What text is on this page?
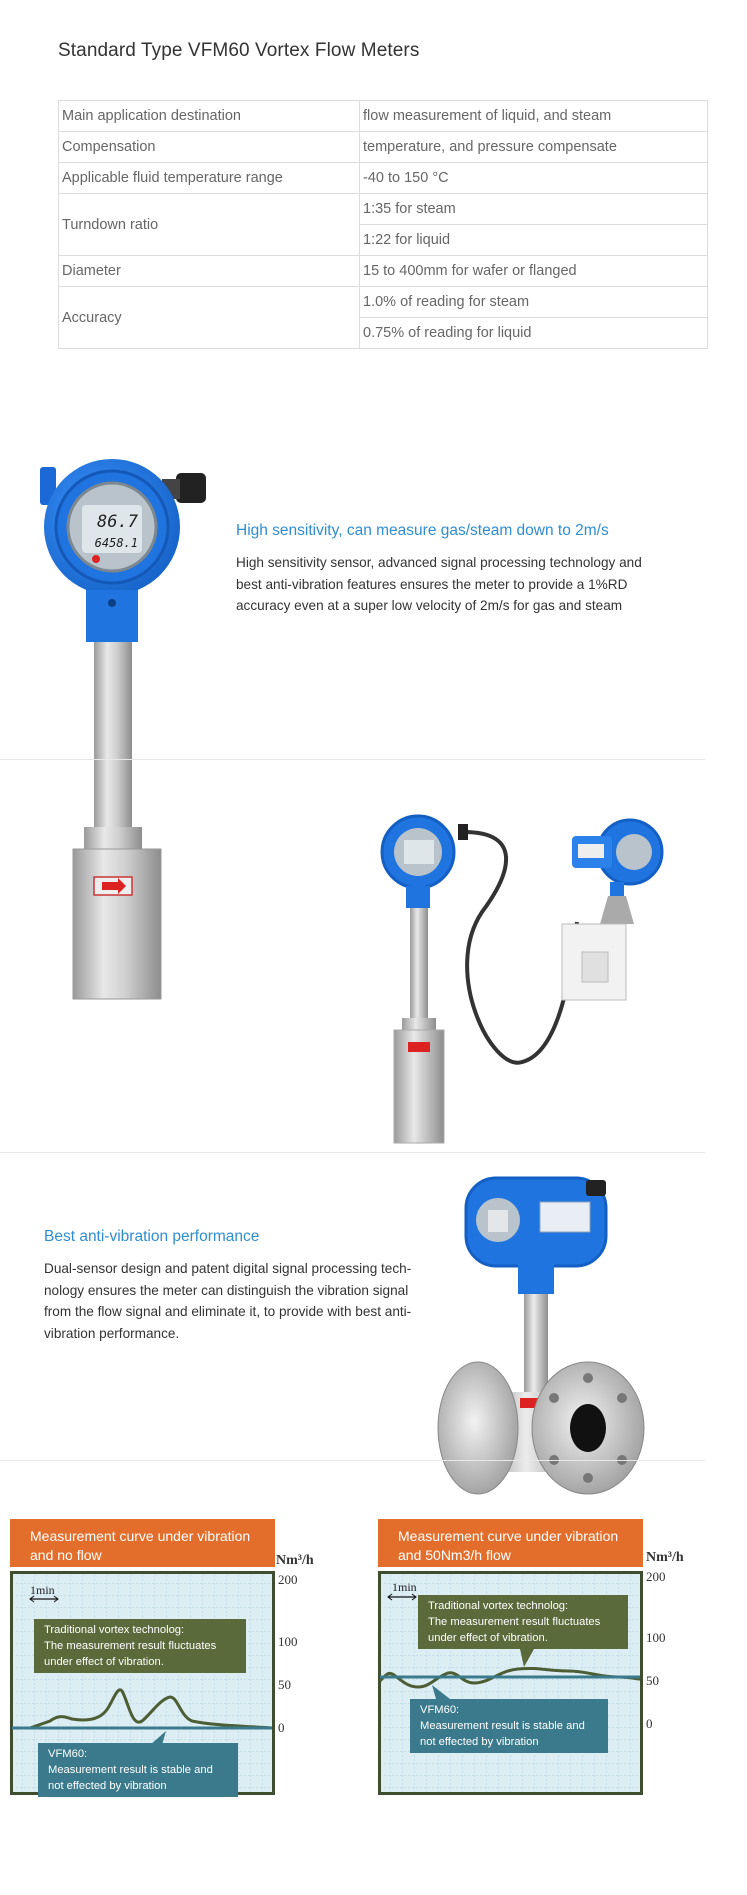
Standard Type VFM60 Vortex Flow Meters
Main application destination	flow measurement of liquid, and steam
Compensation	temperature, and pressure compensate
Applicable fluid temperature range	-40 to 150 °C
Turndown ratio	1:35 for steam
	1:22 for liquid
Diameter	15 to 400mm for wafer or flanged
Accuracy	1.0% of reading for steam
	0.75% of reading for liquid
86.7
6458.1
High sensitivity, can measure gas/steam down to 2m/s
High sensitivity sensor, advanced signal processing technology and
best anti-vibration features ensures the meter to provide a 1%RD
accuracy even at a super low velocity of 2m/s for gas and steam
Best anti-vibration performance
Dual-sensor design and patent digital signal processing tech-
nology ensures the meter can distinguish the vibration signal
from the flow signal and eliminate it, to provide with best anti-
vibration performance.
Measurement curve under vibration
and no flow
1min
Traditional vortex technolog:
The measurement result fluctuates
under effect of vibration.
VFM60:
Measurement result is stable and
not effected by vibration
Nm³/h
200
100
50
0
Measurement curve under vibration
and 50Nm3/h flow
1min
Traditional vortex technolog:
The measurement result fluctuates
under effect of vibration.
VFM60:
Measurement result is stable and
not effected by vibration
Nm³/h
200
100
50
0
